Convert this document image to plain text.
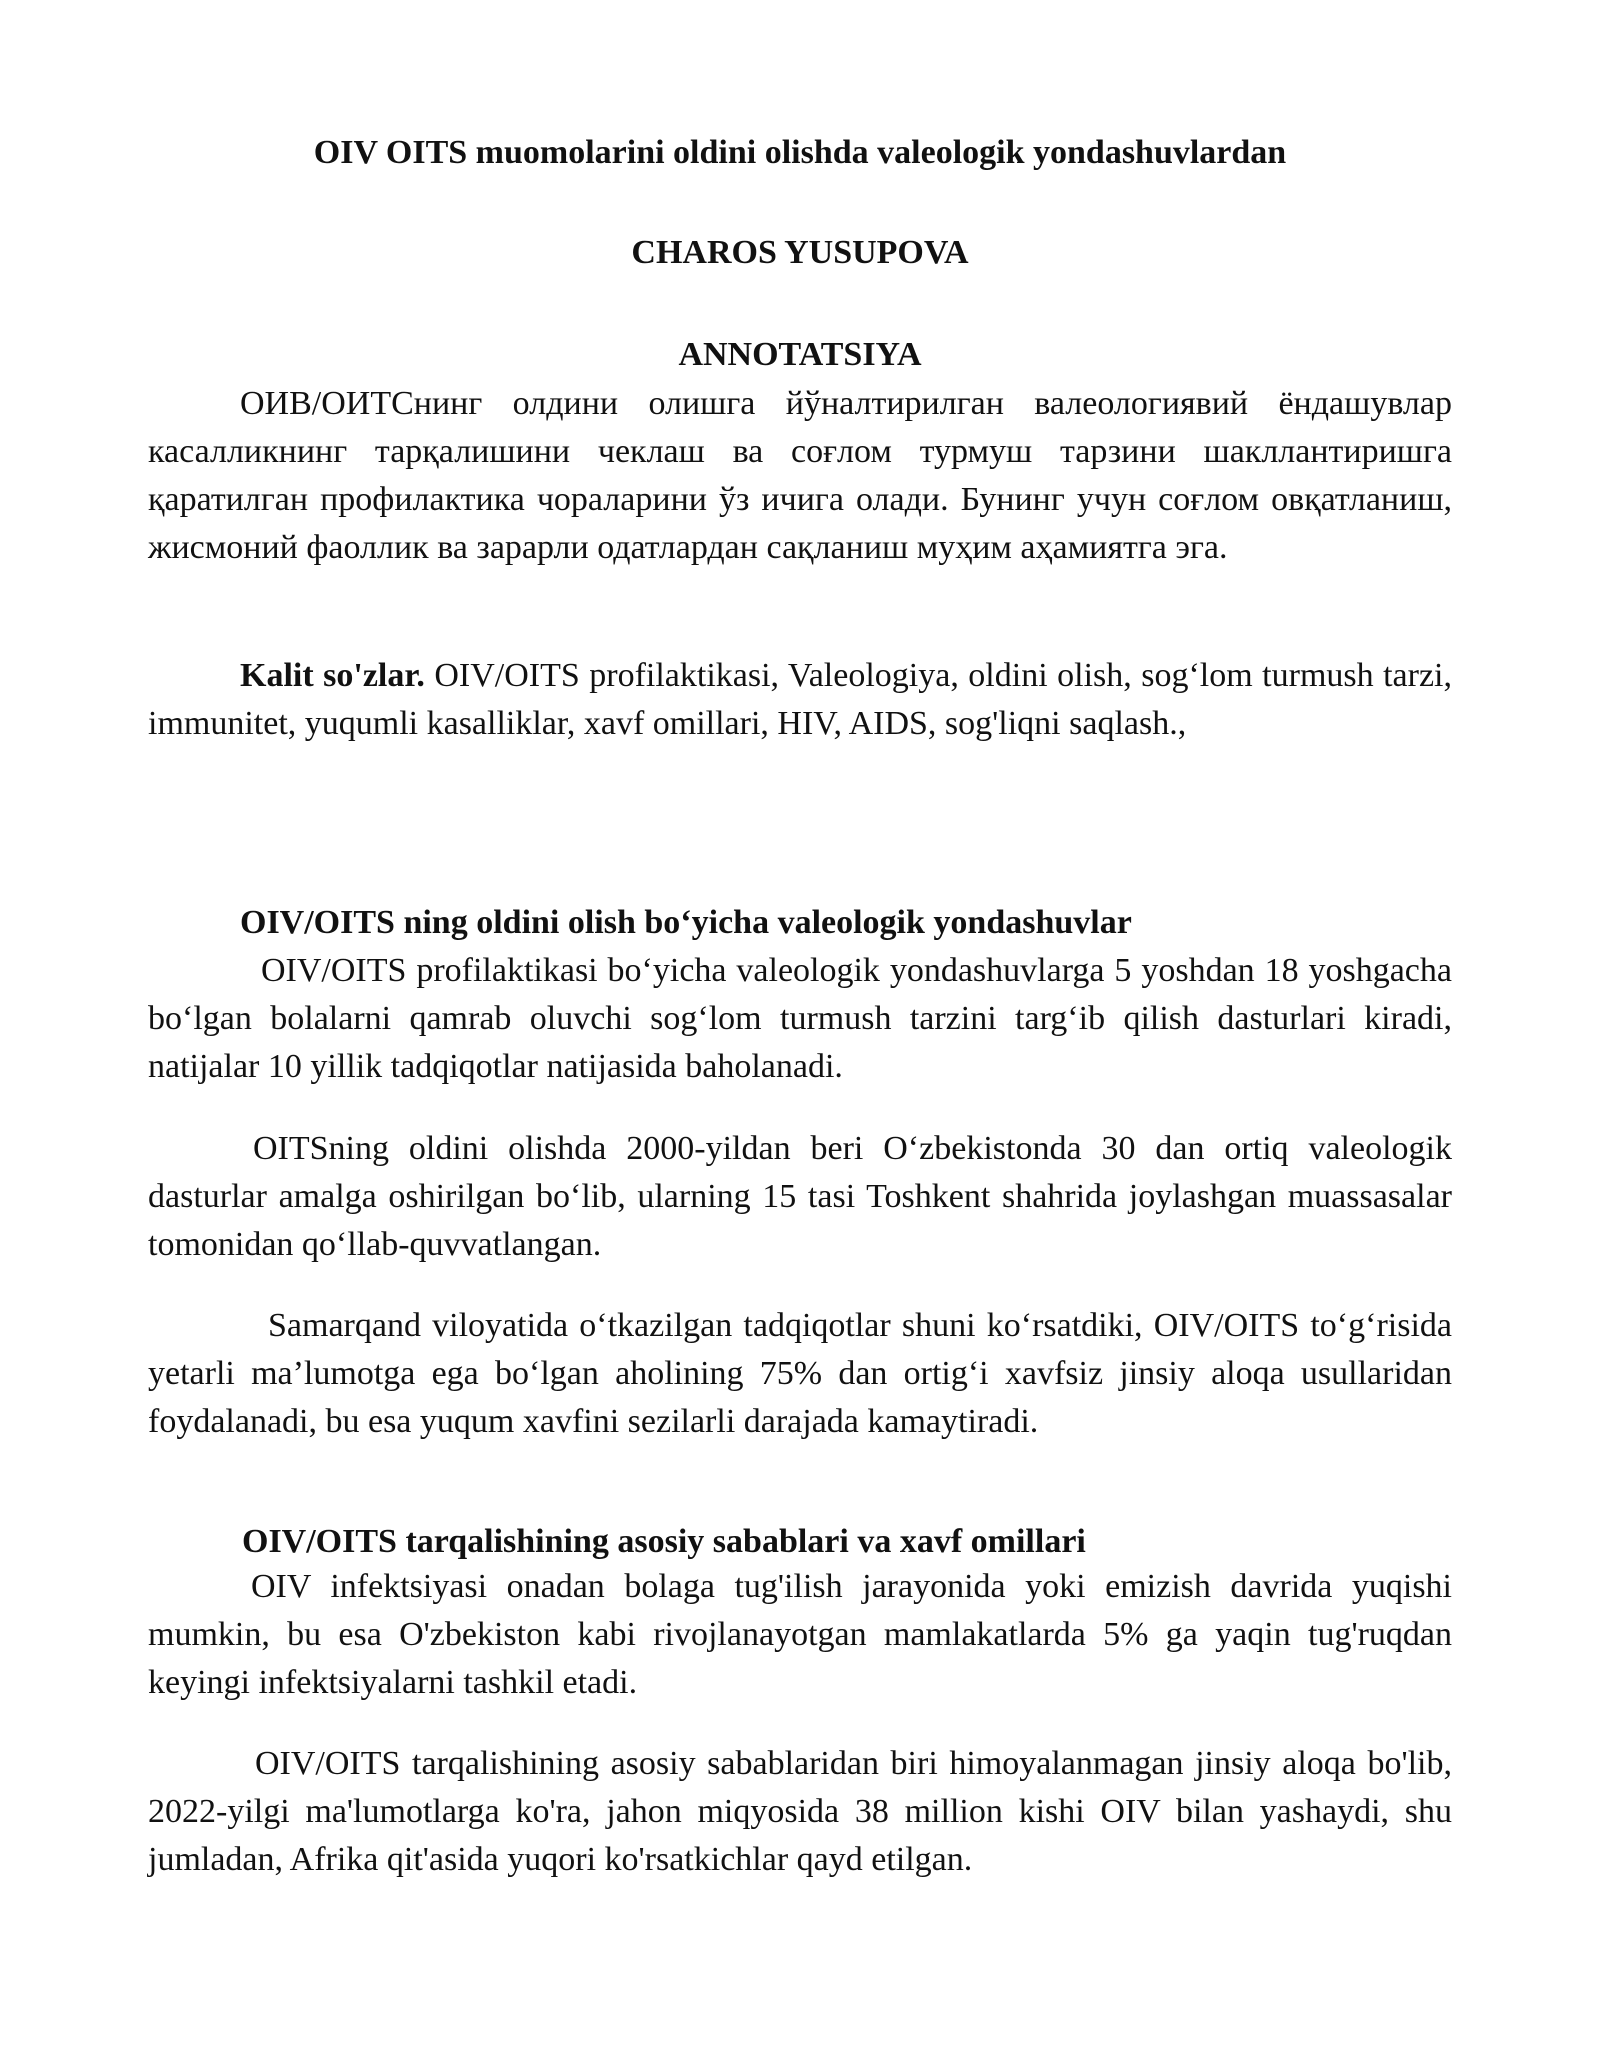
OIV OITS muomolarini oldini olishda valeologik yondashuvlardan

CHAROS YUSUPOVA

ANNOTATSIYA

ОИВ/ОИТСнинг олдини олишга йўналтирилган валеологиявий ёндашувлар касалликнинг тарқалишини чеклаш ва соғлом турмуш тарзини шакллантиришга қаратилган профилактика чораларини ўз ичига олади. Бунинг учун соғлом овқатланиш, жисмоний фаоллик ва зарарли одатлардан сақланиш муҳим аҳамиятга эга.

Kalit so'zlar. OIV/OITS profilaktikasi, Valeologiya, oldini olish, sog‘lom turmush tarzi, immunitet, yuqumli kasalliklar, xavf omillari, HIV, AIDS, sog'liqni saqlash.,

OIV/OITS ning oldini olish bo‘yicha valeologik yondashuvlar

OIV/OITS profilaktikasi bo‘yicha valeologik yondashuvlarga 5 yoshdan 18 yoshgacha bo‘lgan bolalarni qamrab oluvchi sog‘lom turmush tarzini targ‘ib qilish dasturlari kiradi, natijalar 10 yillik tadqiqotlar natijasida baholanadi.

OITSning oldini olishda 2000-yildan beri O‘zbekistonda 30 dan ortiq valeologik dasturlar amalga oshirilgan bo‘lib, ularning 15 tasi Toshkent shahrida joylashgan muassasalar tomonidan qo‘llab-quvvatlangan.

Samarqand viloyatida o‘tkazilgan tadqiqotlar shuni ko‘rsatdiki, OIV/OITS to‘g‘risida yetarli ma’lumotga ega bo‘lgan aholining 75% dan ortig‘i xavfsiz jinsiy aloqa usullaridan foydalanadi, bu esa yuqum xavfini sezilarli darajada kamaytiradi.

OIV/OITS tarqalishining asosiy sabablari va xavf omillari

OIV infektsiyasi onadan bolaga tug'ilish jarayonida yoki emizish davrida yuqishi mumkin, bu esa O'zbekiston kabi rivojlanayotgan mamlakatlarda 5% ga yaqin tug'ruqdan keyingi infektsiyalarni tashkil etadi.

OIV/OITS tarqalishining asosiy sabablaridan biri himoyalanmagan jinsiy aloqa bo'lib, 2022-yilgi ma'lumotlarga ko'ra, jahon miqyosida 38 million kishi OIV bilan yashaydi, shu jumladan, Afrika qit'asida yuqori ko'rsatkichlar qayd etilgan.
